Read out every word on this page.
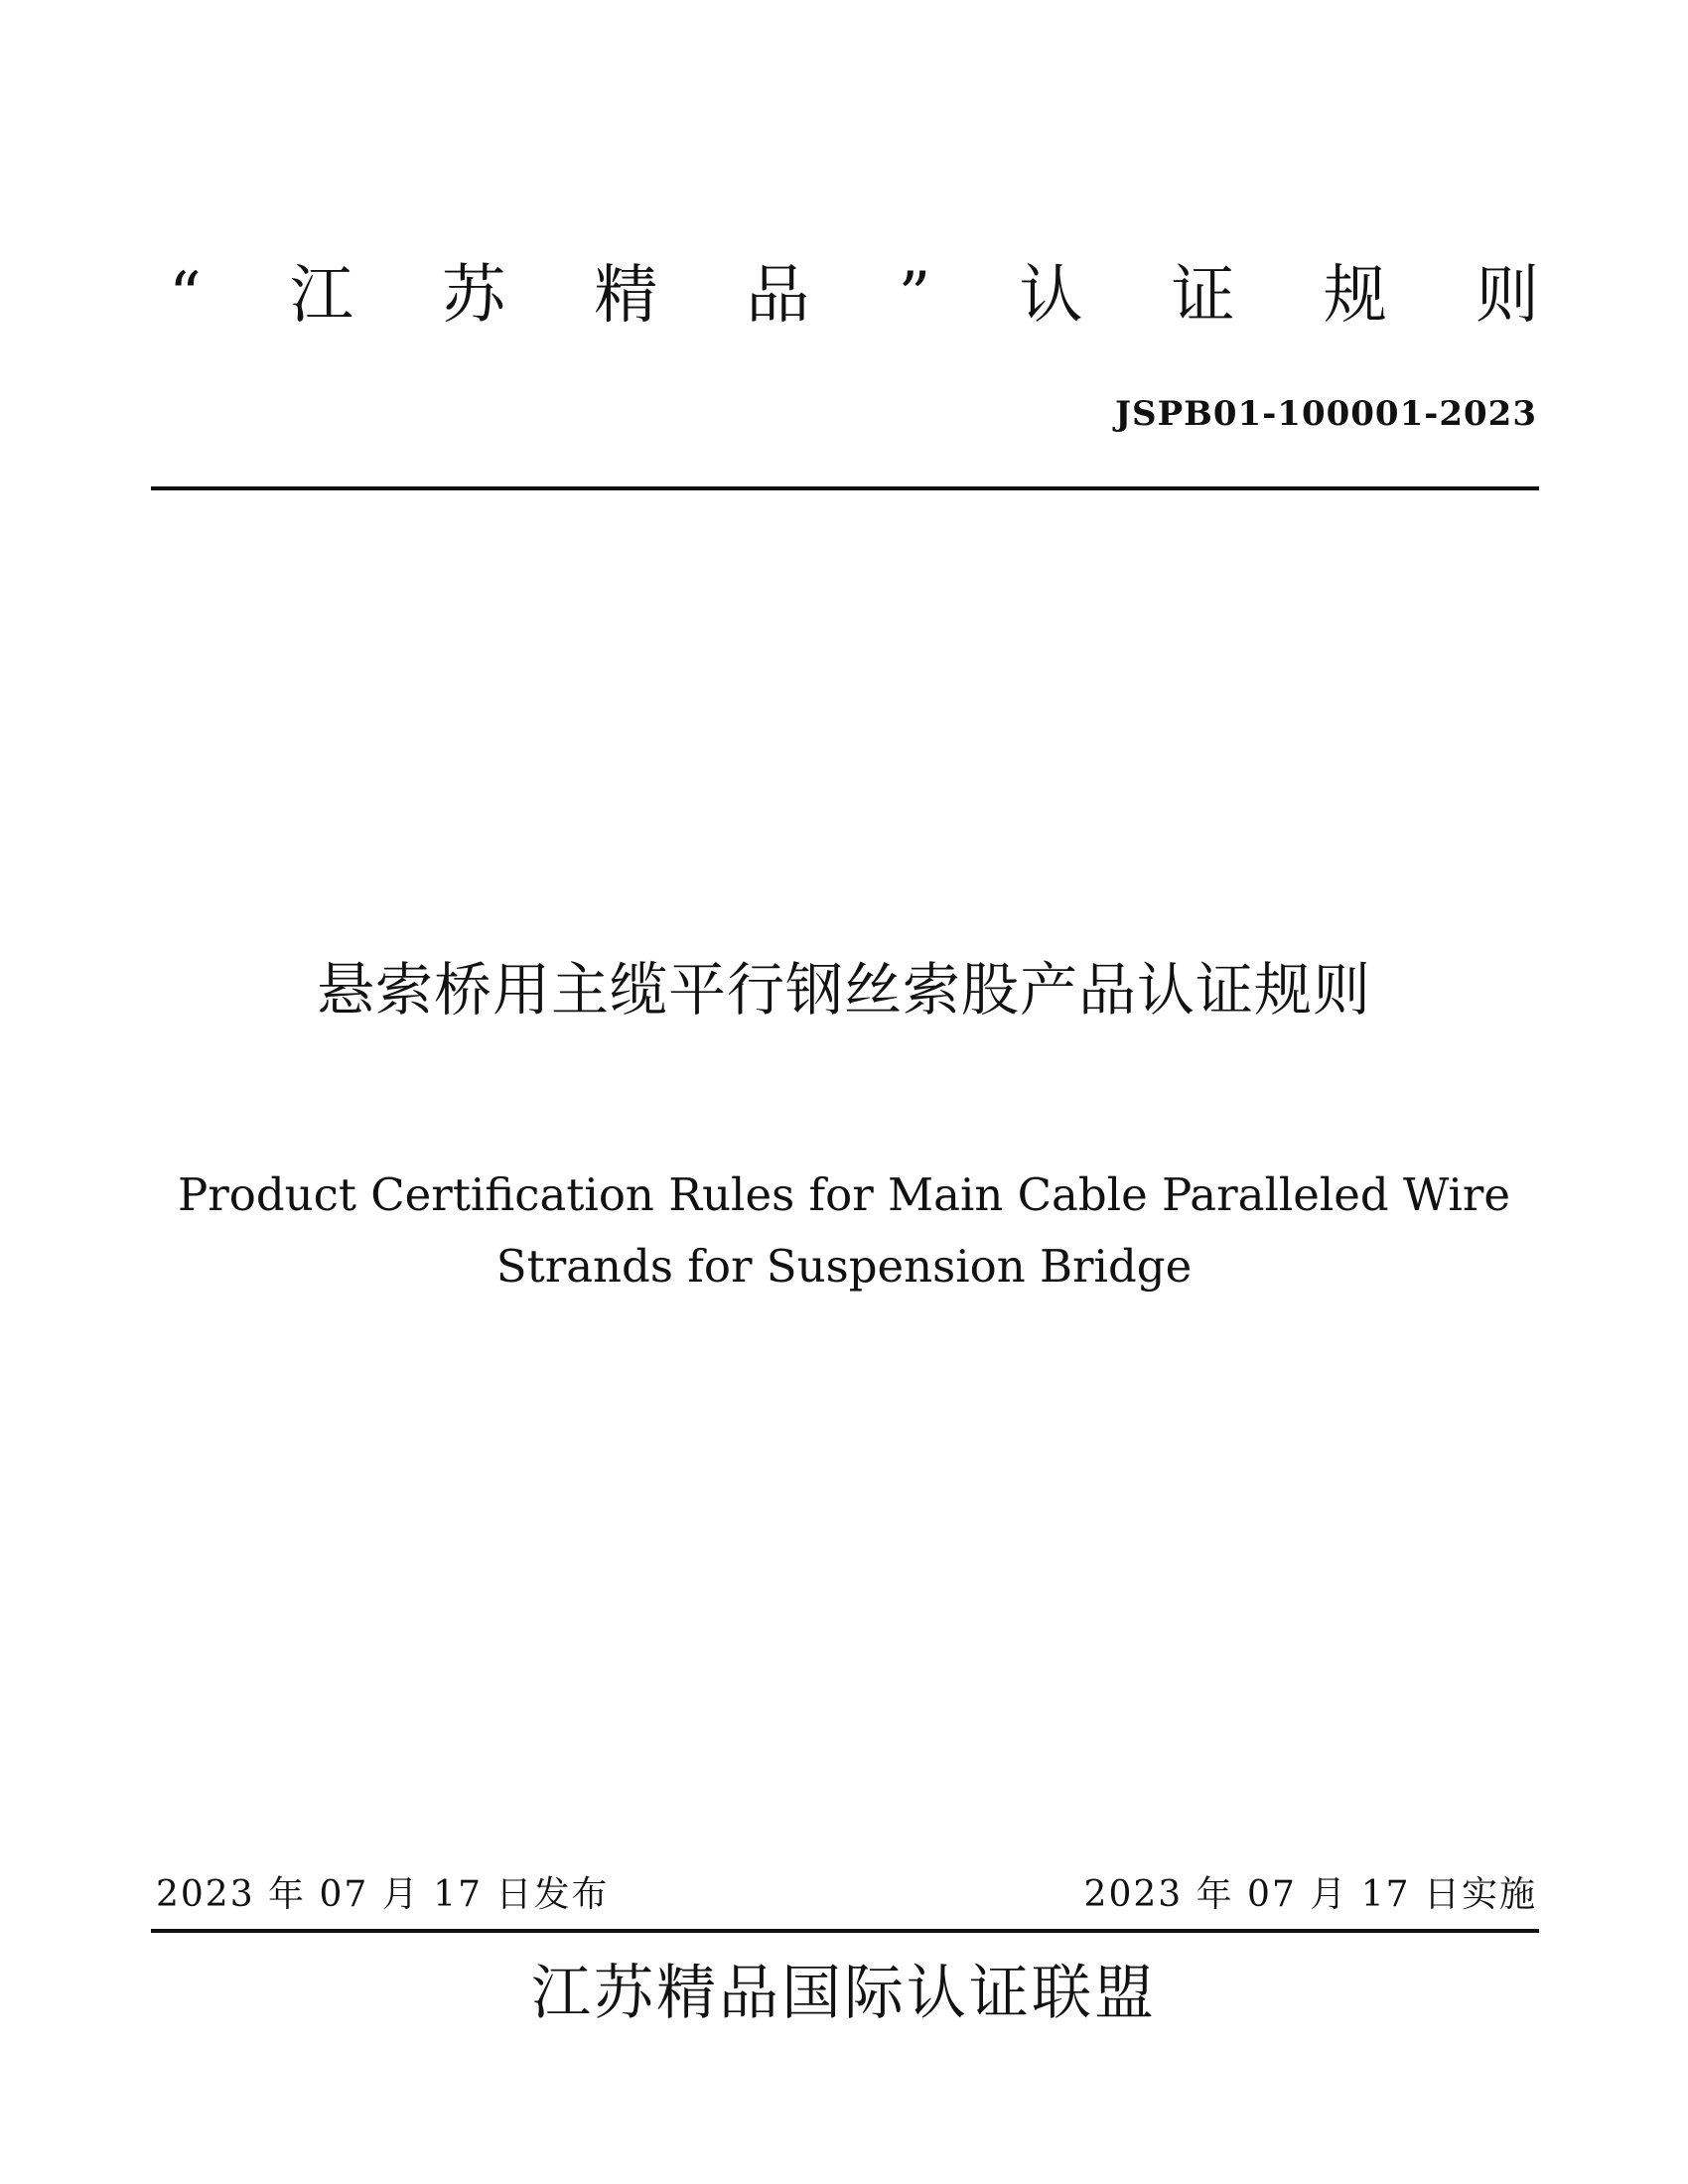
“ 江 苏 精 品 ” 认 证 规 则
JSPB01-100001-2023
悬索桥用主缆平行钢丝索股产品认证规则
Product Certification Rules for Main Cable Paralleled Wire
Strands for Suspension Bridge
2023 年 07 月 17 日发布	2023 年 07 月 17 日实施
江苏精品国际认证联盟
